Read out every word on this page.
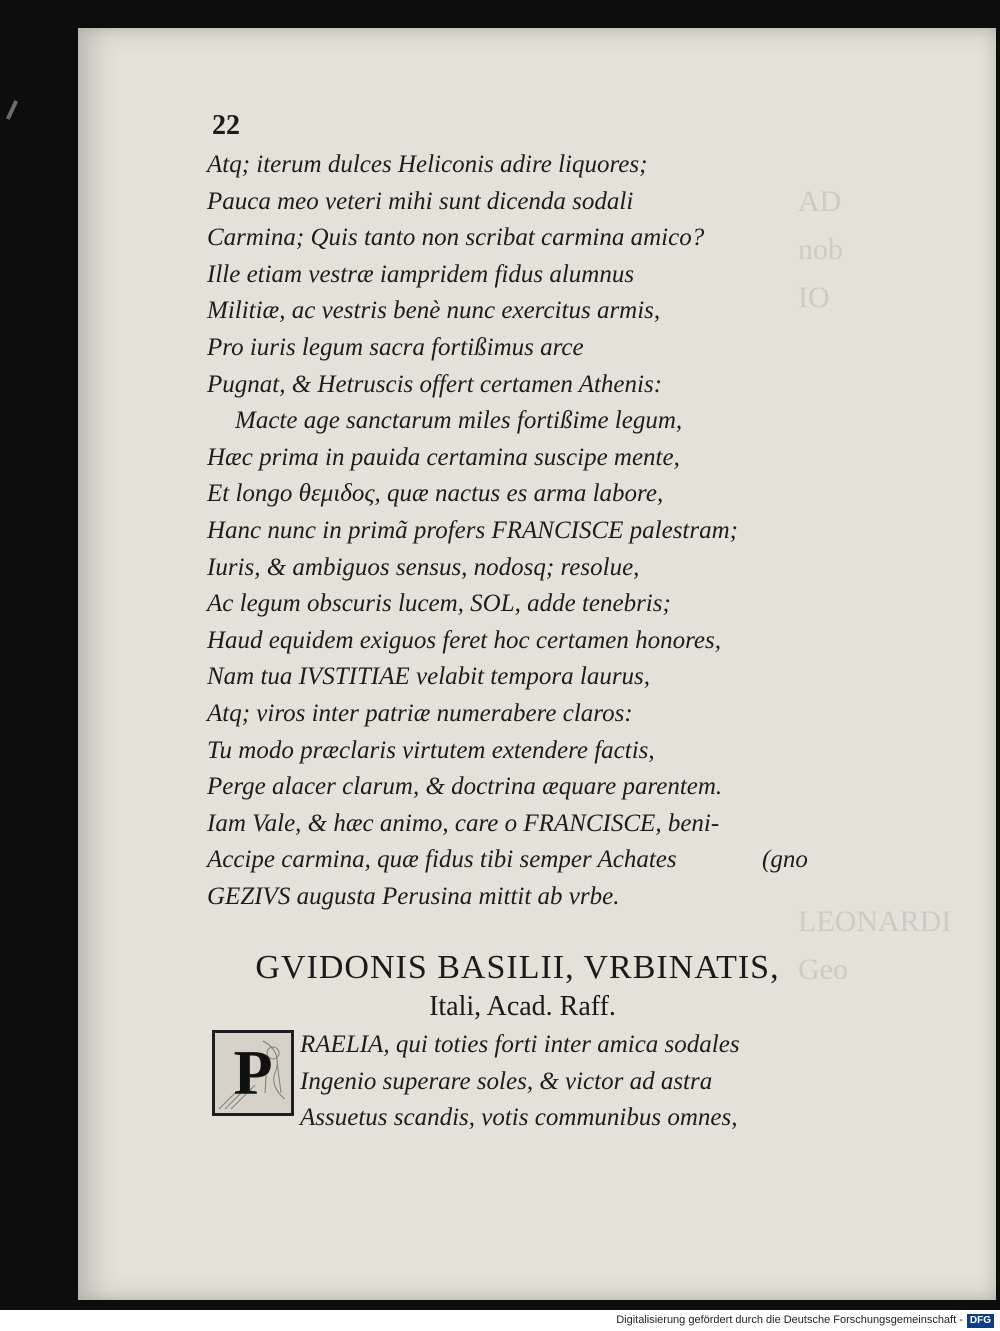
AD
nob
IO

LEONARDI Geo
22
Atq; iterum dulces Heliconis adire liquores;
Pauca meo veteri mihi sunt dicenda sodali
Carmina; Quis tanto non scribat carmina amico?
Ille etiam vestræ iampridem fidus alumnus
Militiæ, ac vestris benè nunc exercitus armis,
Pro iuris legum sacra fortißimus arce
Pugnat, & Hetruscis offert certamen Athenis:
Macte age sanctarum miles fortißime legum,
Hæc prima in pauida certamina suscipe mente,
Et longo θεμιδος, quæ nactus es arma labore,
Hanc nunc in primã profers FRANCISCE palestram;
Iuris, & ambiguos sensus, nodosq; resolue,
Ac legum obscuris lucem, SOL, adde tenebris;
Haud equidem exiguos feret hoc certamen honores,
Nam tua IVSTITIAE velabit tempora laurus,
Atq; viros inter patriæ numerabere claros:
Tu modo præclaris virtutem extendere factis,
Perge alacer clarum, & doctrina æquare parentem.
Iam Vale, & hæc animo, care o FRANCISCE, beni-
Accipe carmina, quæ fidus tibi semper Achates	(gno
GEZIVS augusta Perusina mittit ab vrbe.
GVIDONIS BASILII, VRBINATIS,
Itali, Acad. Raff.
P RAELIA, qui toties forti inter amica sodales
Ingenio superare soles, & victor ad astra
Assuetus scandis, votis communibus omnes,
Digitalisierung gefördert durch die Deutsche Forschungsgemeinschaft - DFG
